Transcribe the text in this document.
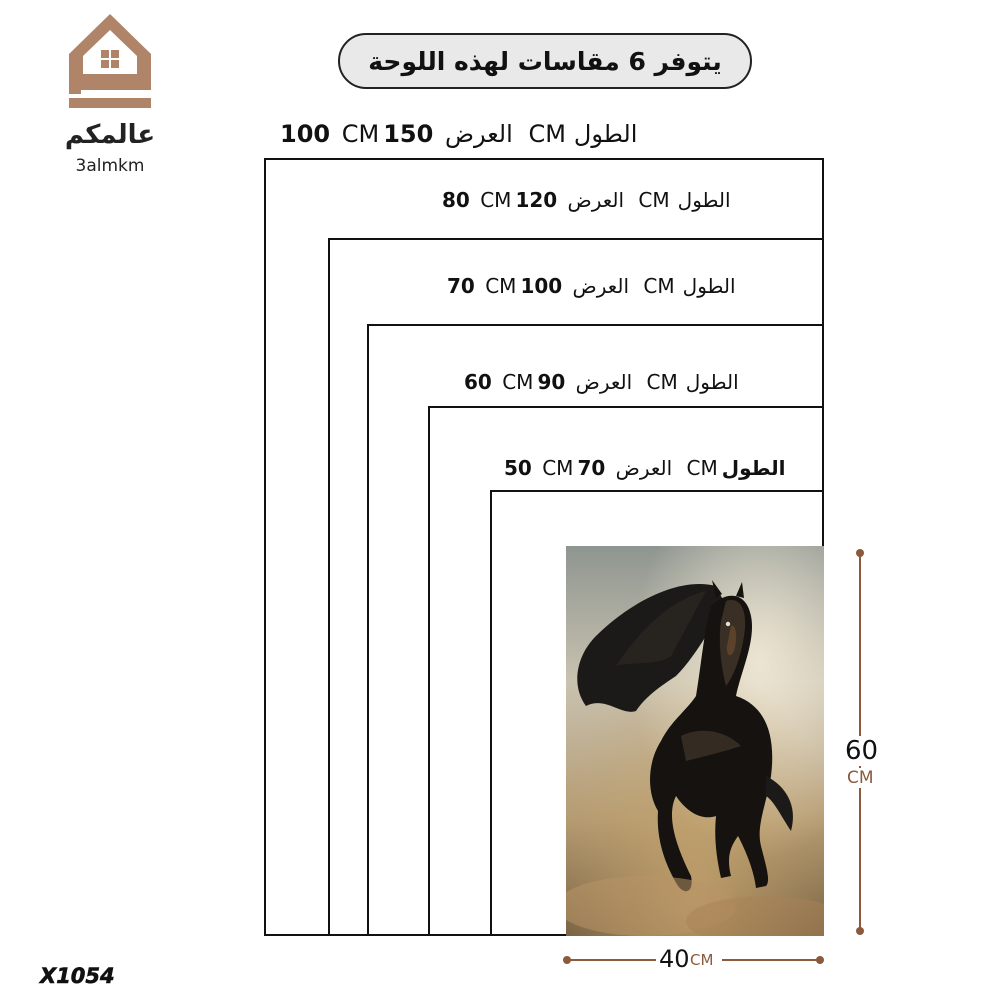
عالمكم
3almkm
يتوفر 6 مقاسات لهذه اللوحة
100 CM	العرض 150	CM الطول
80 CM	العرض 120	CM الطول
70 CM	العرض 100	CM الطول
60 CM العرض 90	CM الطول
50 CM العرض 70	CM الطول
60
CM
40 CM
X1054
